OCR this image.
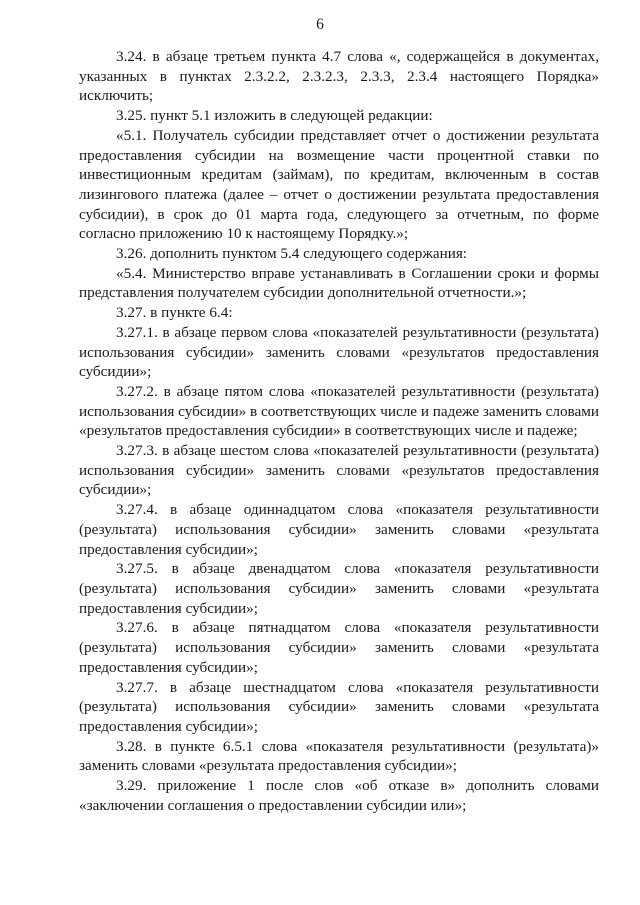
6

3.24. в абзаце третьем пункта 4.7 слова «, содержащейся в документах, указанных в пунктах 2.3.2.2, 2.3.2.3, 2.3.3, 2.3.4 настоящего Порядка» исключить;

3.25. пункт 5.1 изложить в следующей редакции:

«5.1. Получатель субсидии представляет отчет о достижении результата предоставления субсидии на возмещение части процентной ставки по инвестиционным кредитам (займам), по кредитам, включенным в состав лизингового платежа (далее – отчет о достижении результата предоставления субсидии), в срок до 01 марта года, следующего за отчетным, по форме согласно приложению 10 к настоящему Порядку.»;

3.26. дополнить пунктом 5.4 следующего содержания:

«5.4. Министерство вправе устанавливать в Соглашении сроки и формы представления получателем субсидии дополнительной отчетности.»;

3.27. в пункте 6.4:

3.27.1. в абзаце первом слова «показателей результативности (результата) использования субсидии» заменить словами «результатов предоставления субсидии»;

3.27.2. в абзаце пятом слова «показателей результативности (результата) использования субсидии» в соответствующих числе и падеже заменить словами «результатов предоставления субсидии» в соответствующих числе и падеже;

3.27.3. в абзаце шестом слова «показателей результативности (результата) использования субсидии» заменить словами «результатов предоставления субсидии»;

3.27.4. в абзаце одиннадцатом слова «показателя результативности (результата) использования субсидии» заменить словами «результата предоставления субсидии»;

3.27.5. в абзаце двенадцатом слова «показателя результативности (результата) использования субсидии» заменить словами «результата предоставления субсидии»;

3.27.6. в абзаце пятнадцатом слова «показателя результативности (результата) использования субсидии» заменить словами «результата предоставления субсидии»;

3.27.7. в абзаце шестнадцатом слова «показателя результативности (результата) использования субсидии» заменить словами «результата предоставления субсидии»;

3.28. в пункте 6.5.1 слова «показателя результативности (результата)» заменить словами «результата предоставления субсидии»;

3.29. приложение 1 после слов «об отказе в» дополнить словами «заключении соглашения о предоставлении субсидии или»;
